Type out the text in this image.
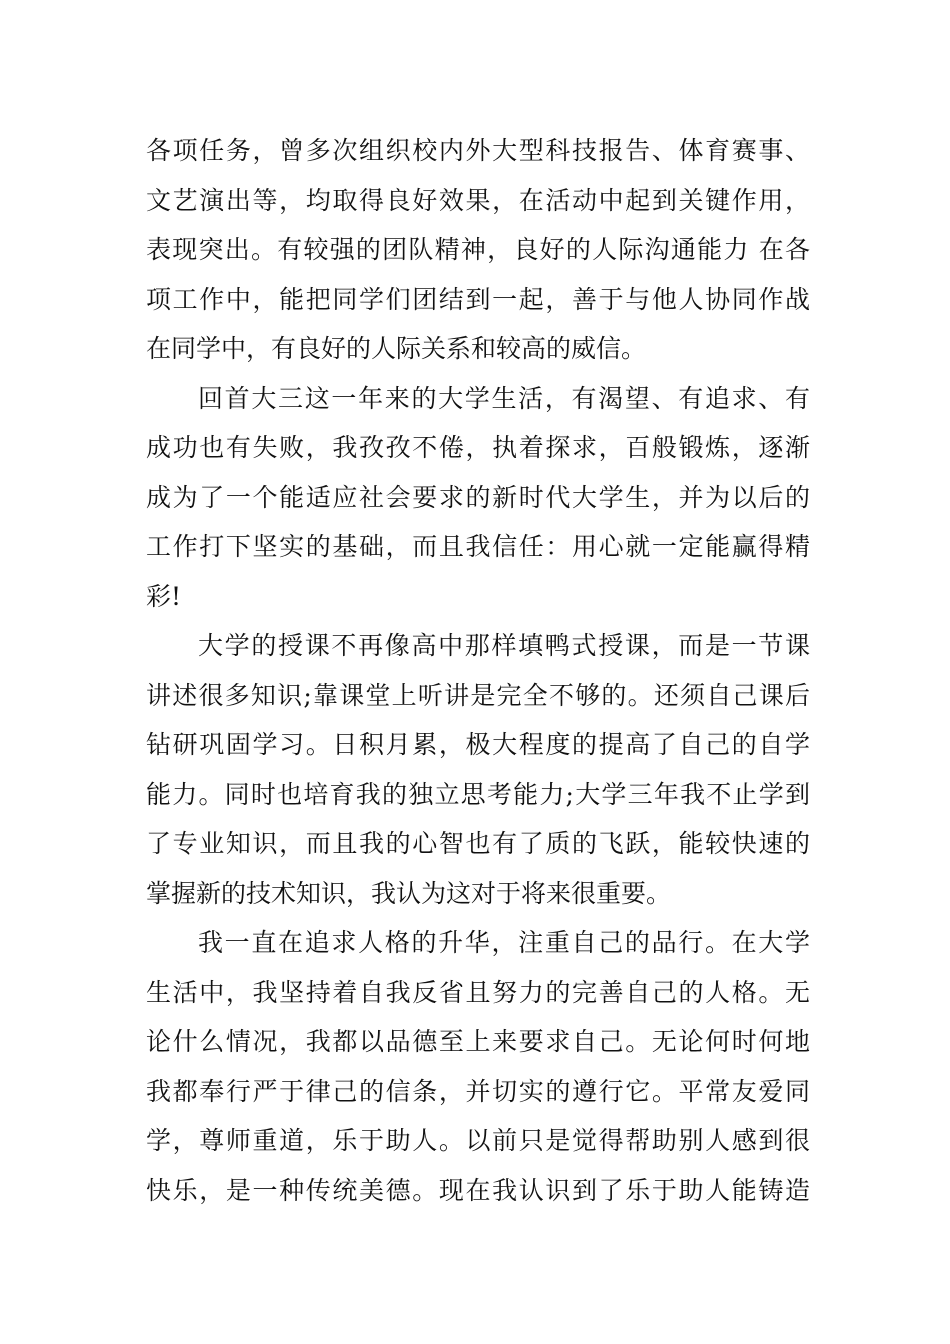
各项任务，曾多次组织校内外大型科技报告、体育赛事、
文艺演出等，均取得良好效果，在活动中起到关键作用，
表现突出。有较强的团队精神，良好的人际沟通能力 在各
项工作中，能把同学们团结到一起，善于与他人协同作战
在同学中，有良好的人际关系和较高的威信。
回首大三这一年来的大学生活，有渴望、有追求、有
成功也有失败，我孜孜不倦，执着探求，百般锻炼，逐渐
成为了一个能适应社会要求的新时代大学生，并为以后的
工作打下坚实的基础，而且我信任：用心就一定能赢得精
彩!
大学的授课不再像高中那样填鸭式授课，而是一节课
讲述很多知识;靠课堂上听讲是完全不够的。还须自己课后
钻研巩固学习。日积月累，极大程度的提高了自己的自学
能力。同时也培育我的独立思考能力;大学三年我不止学到
了专业知识，而且我的心智也有了质的飞跃，能较快速的
掌握新的技术知识，我认为这对于将来很重要。
我一直在追求人格的升华，注重自己的品行。在大学
生活中，我坚持着自我反省且努力的完善自己的人格。无
论什么情况，我都以品德至上来要求自己。无论何时何地
我都奉行严于律己的信条，并切实的遵行它。平常友爱同
学，尊师重道，乐于助人。以前只是觉得帮助别人感到很
快乐，是一种传统美德。现在我认识到了乐于助人能铸造
